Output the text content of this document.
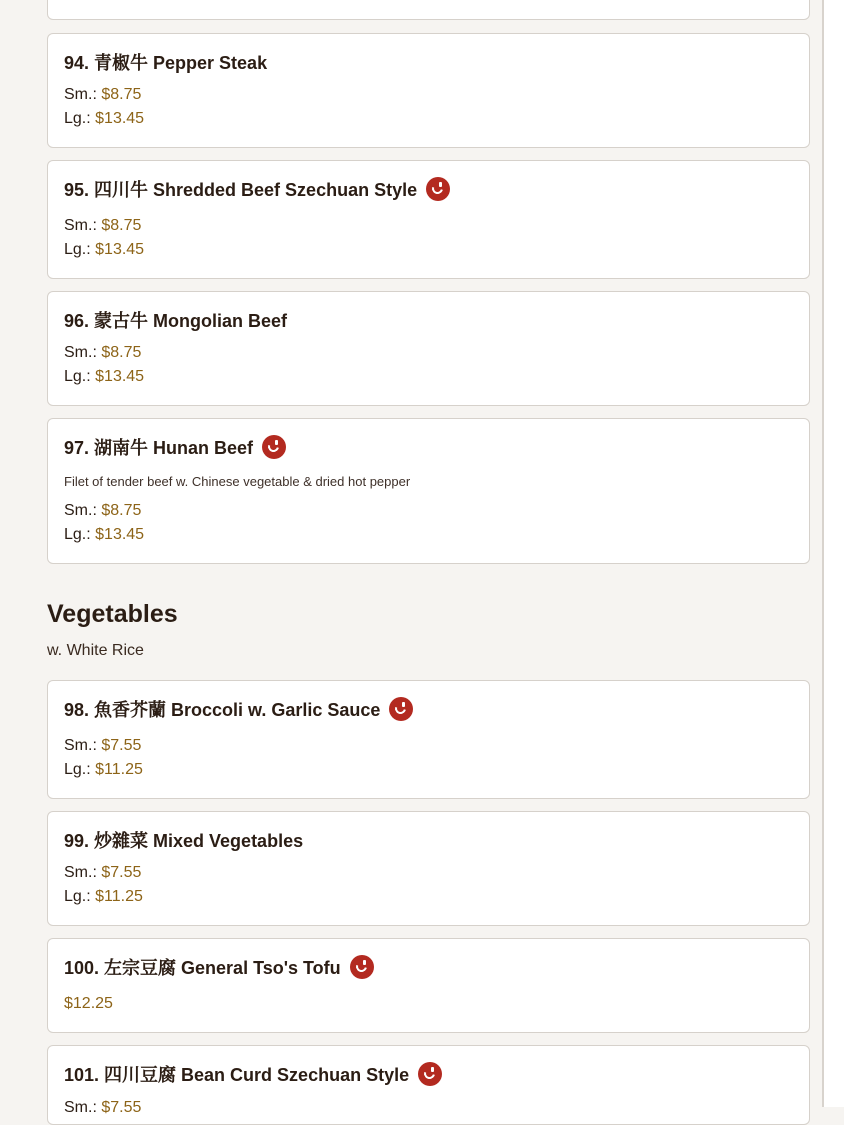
94. 青椒牛 Pepper Steak
Sm.: $8.75
Lg.: $13.45
95. 四川牛 Shredded Beef Szechuan Style
Sm.: $8.75
Lg.: $13.45
96. 蒙古牛 Mongolian Beef
Sm.: $8.75
Lg.: $13.45
97. 湖南牛 Hunan Beef
Filet of tender beef w. Chinese vegetable & dried hot pepper
Sm.: $8.75
Lg.: $13.45
Vegetables
w. White Rice
98. 魚香芥蘭 Broccoli w. Garlic Sauce
Sm.: $7.55
Lg.: $11.25
99. 炒雜菜 Mixed Vegetables
Sm.: $7.55
Lg.: $11.25
100. 左宗豆腐 General Tso's Tofu
$12.25
101. 四川豆腐 Bean Curd Szechuan Style
Sm.: $7.55
